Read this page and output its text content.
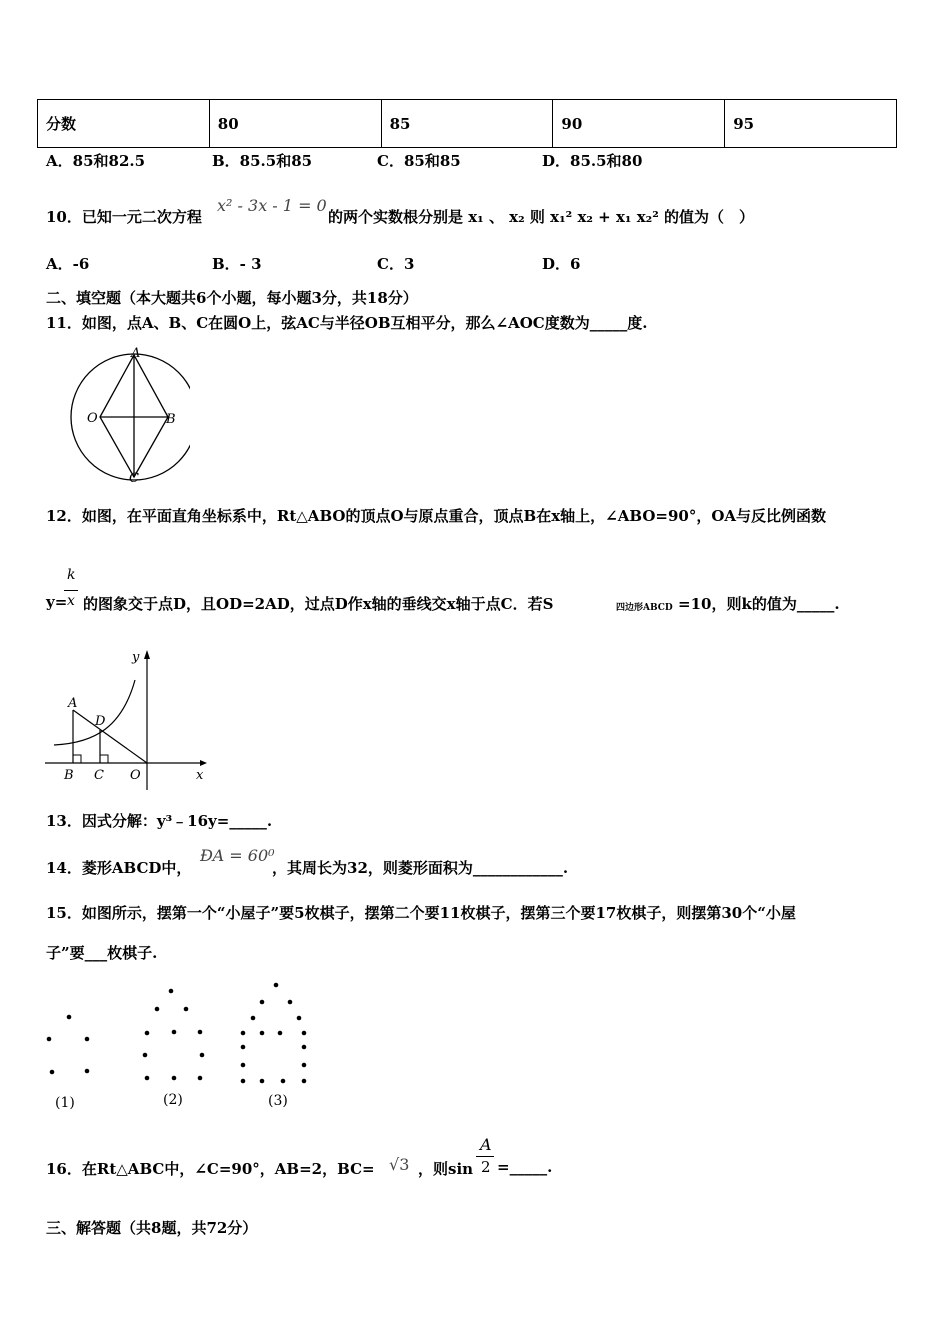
分数	80	85	90	95
A．85和82.5	B．85.5和85	C．85和85	D．85.5和80
10．已知一元二次方程
x² - 3x - 1 = 0
的两个实数根分别是 x₁ 、 x₂ 则 x₁² x₂ + x₁ x₂² 的值为（　）
A．-6	B．- 3	C．3	D．6
二、填空题（本大题共6个小题，每小题3分，共18分）
11．如图，点A、B、C在圆O上，弦AC与半径OB互相平分，那么∠AOC度数为_____度.
A
O	B
C
12．如图，在平面直角坐标系中，Rt△ABO的顶点O与原点重合，顶点B在x轴上，∠ABO=90°，OA与反比例函数
y=
k
x 的图象交于点D，且OD=2AD，过点D作x轴的垂线交x轴于点C．若S	四边形ABCD =10，则k的值为_____.
y
A
D
B C O	x
13．因式分解：y³﹣16y=_____.
14．菱形ABCD中，
ÐA = 60⁰
，其周长为32，则菱形面积为____________.
15．如图所示，摆第一个“小屋子”要5枚棋子，摆第二个要11枚棋子，摆第三个要17枚棋子，则摆第30个“小屋
子”要___枚棋子.
(1)	(2)	(3)
16．在Rt△ABC中，∠C=90°，AB=2，BC= √3 ，则sin
A
2 =_____.
三、解答题（共8题，共72分）
